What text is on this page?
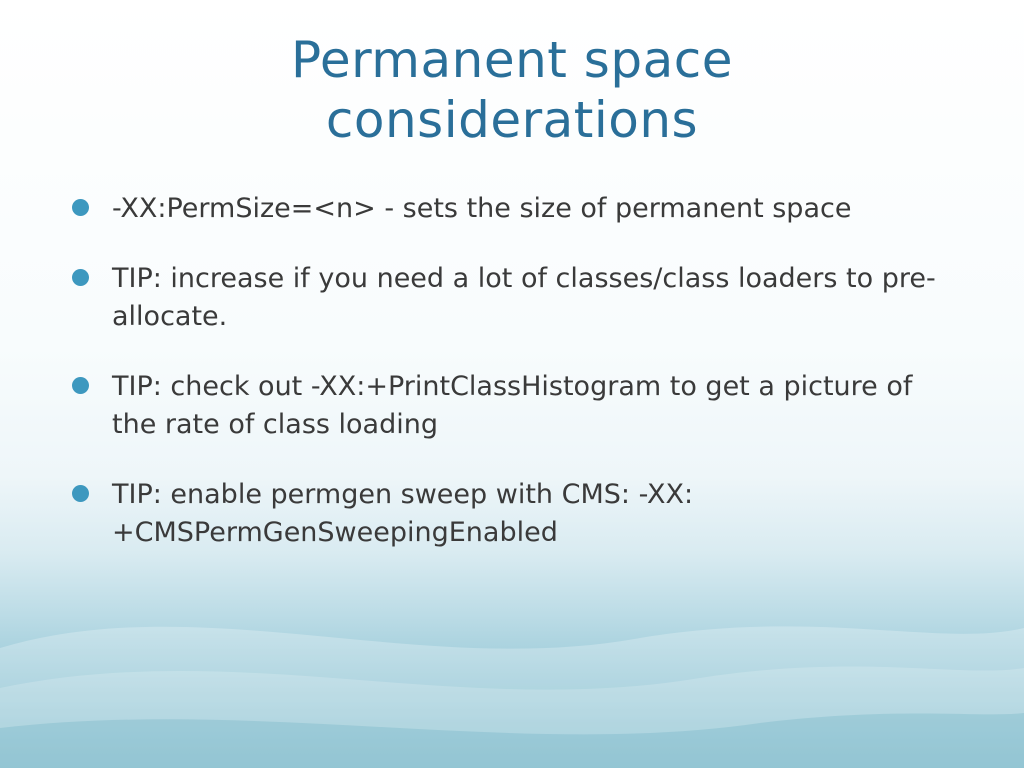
Permanent space
considerations
-XX:PermSize=<n> - sets the size of permanent space
TIP: increase if you need a lot of classes/class loaders to pre-allocate.
TIP: check out -XX:+PrintClassHistogram to get a picture of the rate of class loading
TIP: enable permgen sweep with CMS: -XX: +CMSPermGenSweepingEnabled
